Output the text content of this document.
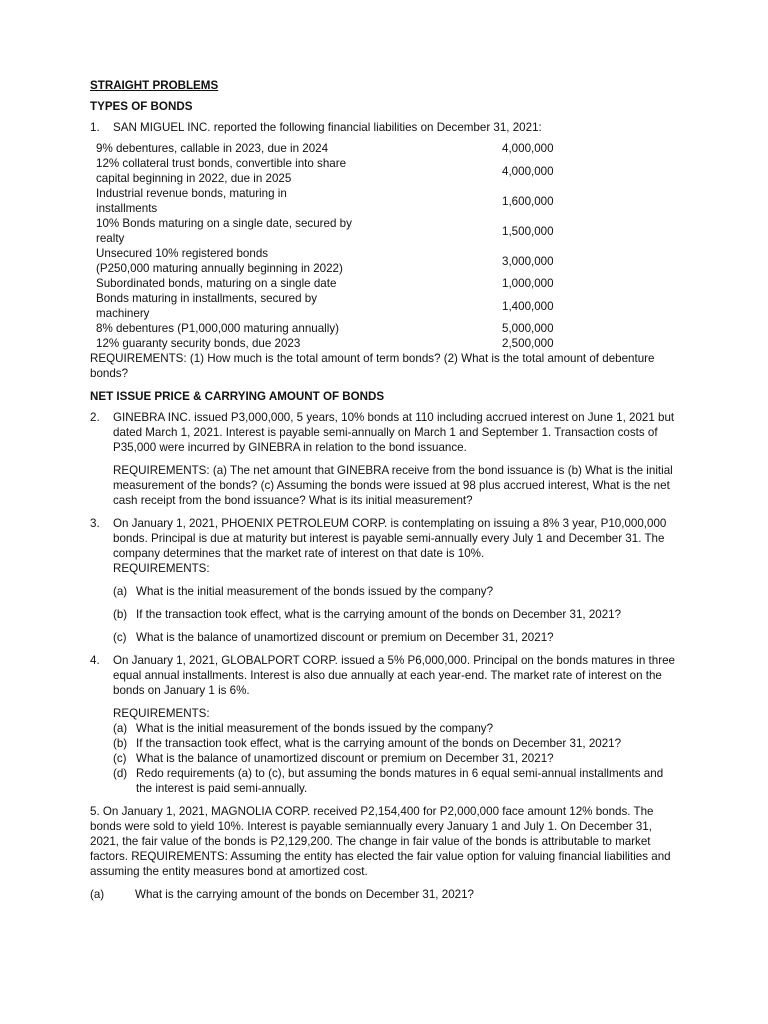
STRAIGHT PROBLEMS

TYPES OF BONDS

1. SAN MIGUEL INC. reported the following financial liabilities on December 31, 2021:

9% debentures, callable in 2023, due in 2024	4,000,000

12% collateral trust bonds, convertible into share
capital beginning in 2022, due in 2025	4,000,000

Industrial revenue bonds, maturing in
installments	1,600,000

10% Bonds maturing on a single date, secured by
realty	1,500,000

Unsecured 10% registered bonds
(P250,000 maturing annually beginning in 2022)	3,000,000

Subordinated bonds, maturing on a single date	1,000,000

Bonds maturing in installments, secured by
machinery	1,400,000

8% debentures (P1,000,000 maturing annually)	5,000,000

12% guaranty security bonds, due 2023	2,500,000

REQUIREMENTS: (1) How much is the total amount of term bonds? (2) What is the total amount of debenture bonds?

NET ISSUE PRICE & CARRYING AMOUNT OF BONDS

2. GINEBRA INC. issued P3,000,000, 5 years, 10% bonds at 110 including accrued interest on June 1, 2021 but dated March 1, 2021. Interest is payable semi-annually on March 1 and September 1. Transaction costs of P35,000 were incurred by GINEBRA in relation to the bond issuance.

REQUIREMENTS: (a) The net amount that GINEBRA receive from the bond issuance is (b) What is the initial measurement of the bonds? (c) Assuming the bonds were issued at 98 plus accrued interest, What is the net cash receipt from the bond issuance? What is its initial measurement?

3. On January 1, 2021, PHOENIX PETROLEUM CORP. is contemplating on issuing a 8% 3 year, P10,000,000 bonds. Principal is due at maturity but interest is payable semi-annually every July 1 and December 31. The company determines that the market rate of interest on that date is 10%.

REQUIREMENTS:

(a) What is the initial measurement of the bonds issued by the company?

(b) If the transaction took effect, what is the carrying amount of the bonds on December 31, 2021?

(c) What is the balance of unamortized discount or premium on December 31, 2021?

4. On January 1, 2021, GLOBALPORT CORP. issued a 5% P6,000,000. Principal on the bonds matures in three equal annual installments. Interest is also due annually at each year-end. The market rate of interest on the bonds on January 1 is 6%.

REQUIREMENTS:

(a) What is the initial measurement of the bonds issued by the company?

(b) If the transaction took effect, what is the carrying amount of the bonds on December 31, 2021?

(c) What is the balance of unamortized discount or premium on December 31, 2021?

(d) Redo requirements (a) to (c), but assuming the bonds matures in 6 equal semi-annual installments and the interest is paid semi-annually.

5. On January 1, 2021, MAGNOLIA CORP. received P2,154,400 for P2,000,000 face amount 12% bonds. The bonds were sold to yield 10%. Interest is payable semiannually every January 1 and July 1. On December 31, 2021, the fair value of the bonds is P2,129,200. The change in fair value of the bonds is attributable to market factors. REQUIREMENTS: Assuming the entity has elected the fair value option for valuing financial liabilities and assuming the entity measures bond at amortized cost.

(a)	What is the carrying amount of the bonds on December 31, 2021?
